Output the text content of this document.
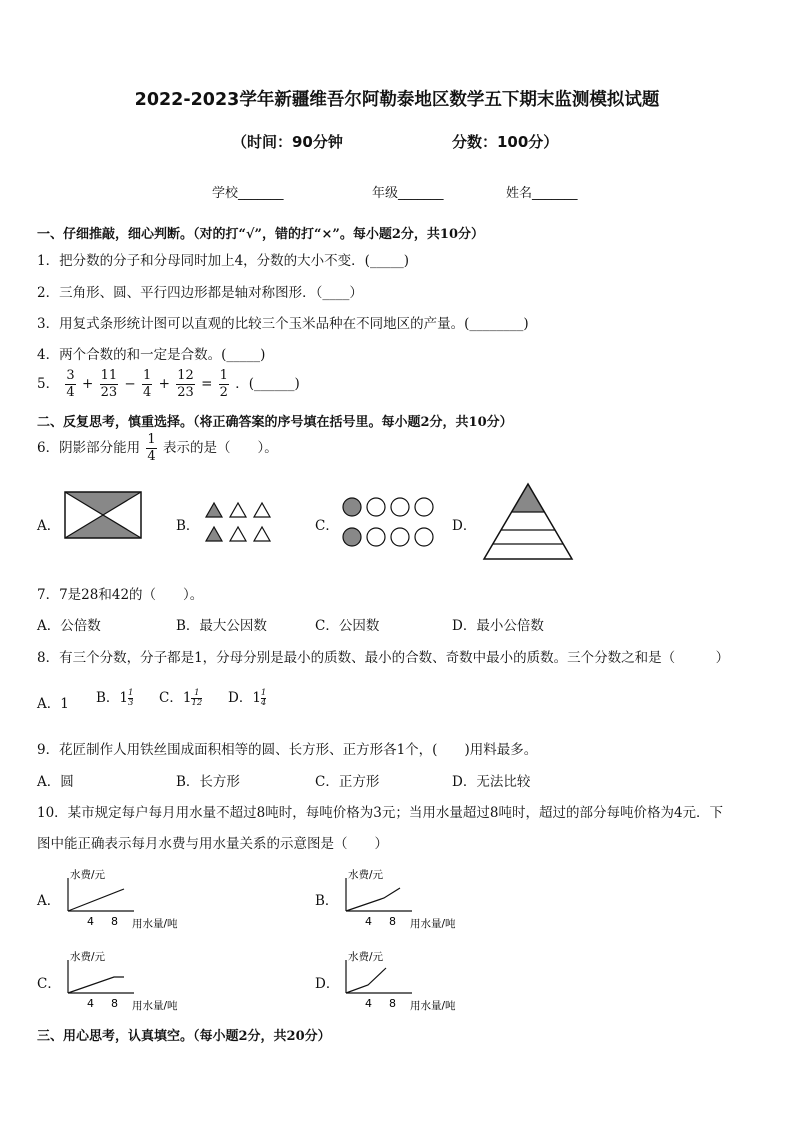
2022-2023学年新疆维吾尔阿勒泰地区数学五下期末监测模拟试题
（时间：90分钟	分数：100分）
学校_______	年级_______	姓名_______
一、仔细推敲，细心判断。（对的打“√”，错的打“×”。每小题2分，共10分）
1．把分数的分子和分母同时加上4，分数的大小不变．(_____)
2．三角形、圆、平行四边形都是轴对称图形．（____）
3．用复式条形统计图可以直观的比较三个玉米品种在不同地区的产量。(________)
4．两个合数的和一定是合数。(_____)
5． $\frac{3}{4} + \frac{11}{23} - \frac{1}{4} + \frac{12}{23} = \frac{1}{2}$ ．(______)
二、反复思考，慎重选择。（将正确答案的序号填在括号里。每小题2分，共10分）
6．阴影部分能用 $\frac{1}{4}$ 表示的是（　　）。
A．	B．	C．	D．
7．7是28和42的（　　）。
A．公倍数	B．最大公因数	C．公因数	D．最小公倍数
8．有三个分数，分子都是1，分母分别是最小的质数、最小的合数、奇数中最小的质数。三个分数之和是（　　　）
A．1 B．$1 \frac{1}{3}$ C．$1 \frac{1}{12}$ D．$1 \frac{1}{4}$
9．花匠制作人用铁丝围成面积相等的圆、长方形、正方形各1个，(　　)用料最多。
A．圆	B．长方形	C．正方形	D．无法比较
10．某市规定每户每月用水量不超过8吨时，每吨价格为3元；当用水量超过8吨时，超过的部分每吨价格为4元．下
图中能正确表示每月水费与用水量关系的示意图是（　　）
A．
水费/元
4 8 用水量/吨
B．
水费/元
4 8 用水量/吨
C．
水费/元
4 8 用水量/吨
D．
水费/元
4 8 用水量/吨
三、用心思考，认真填空。（每小题2分，共20分）
